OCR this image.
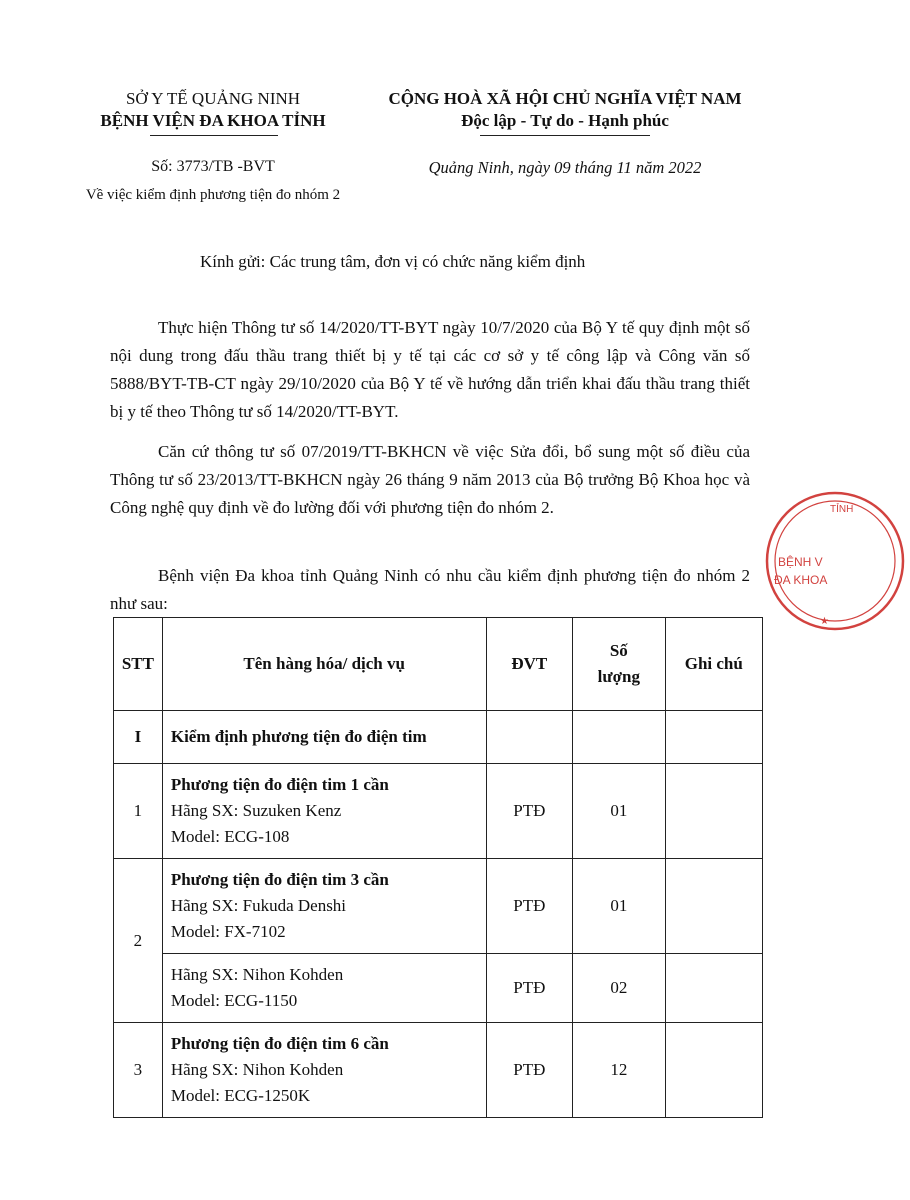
SỞ Y TẾ QUẢNG NINH
BỆNH VIỆN ĐA KHOA TỈNH
CỘNG HOÀ XÃ HỘI CHỦ NGHĨA VIỆT NAM
Độc lập - Tự do - Hạnh phúc
Số: 3773/TB -BVT
Về việc kiểm định phương tiện đo nhóm 2
Quảng Ninh, ngày 09 tháng 11 năm 2022
Kính gửi: Các trung tâm, đơn vị có chức năng kiểm định
Thực hiện Thông tư số 14/2020/TT-BYT ngày 10/7/2020 của Bộ Y tế quy định một số nội dung trong đấu thầu trang thiết bị y tế tại các cơ sở y tế công lập và Công văn số 5888/BYT-TB-CT ngày 29/10/2020 của Bộ Y tế về hướng dẫn triển khai đấu thầu trang thiết bị y tế theo Thông tư số 14/2020/TT-BYT.
Căn cứ thông tư số 07/2019/TT-BKHCN về việc Sửa đổi, bổ sung một số điều của Thông tư số 23/2013/TT-BKHCN ngày 26 tháng 9 năm 2013 của Bộ trưởng Bộ Khoa học và Công nghệ quy định về đo lường đối với phương tiện đo nhóm 2.
Bệnh viện Đa khoa tỉnh Quảng Ninh có nhu cầu kiểm định phương tiện đo nhóm 2 như sau:
STT	Tên hàng hóa/ dịch vụ	ĐVT	Số
lượng	Ghi chú
I	Kiểm định phương tiện đo điện tim			
1	Phương tiện đo điện tim 1 cần
Hãng SX: Suzuken Kenz
Model: ECG-108	PTĐ	01	
2	Phương tiện đo điện tim 3 cần
Hãng SX: Fukuda Denshi
Model: FX-7102	PTĐ	01	

	Hãng SX: Nihon Kohden
Model: ECG-1150	PTĐ	02	
3	Phương tiện đo điện tim 6 cần
Hãng SX: Nihon Kohden
Model: ECG-1250K	PTĐ	12	
TỈNH
BỆNH V
ĐA KHOA
★
